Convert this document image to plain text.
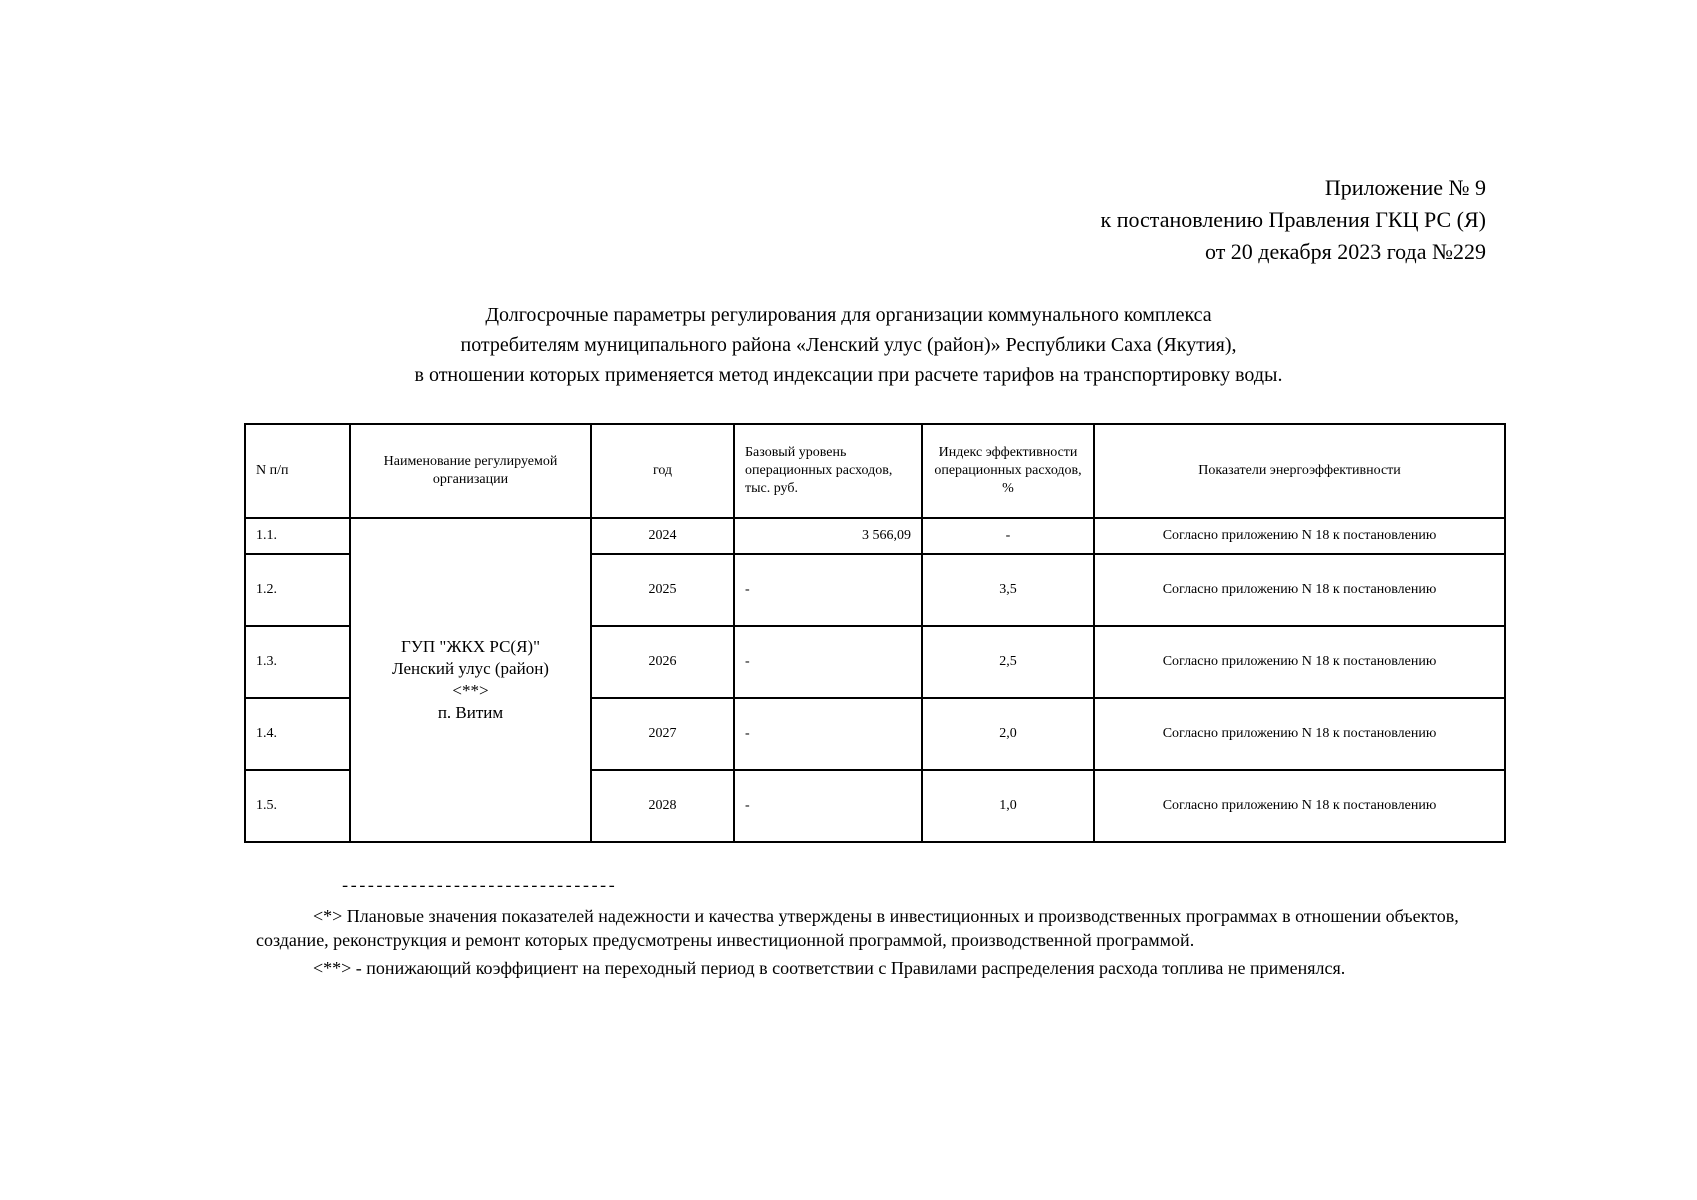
Приложение № 9
к постановлению Правления ГКЦ РС (Я)
от 20 декабря 2023 года №229
Долгосрочные параметры регулирования для организации коммунального комплекса
потребителям муниципального района «Ленский улус (район)» Республики Саха (Якутия),
в отношении которых применяется метод индексации при расчете тарифов на транспортировку воды.
N п/п	Наименование регулируемой организации	год	Базовый уровень операционных расходов, тыс. руб.	Индекс эффективности операционных расходов, %	Показатели энергоэффективности
1.1.	ГУП "ЖКХ РС(Я)"
Ленский улус (район)
<**>
п. Витим	2024	3 566,09	-	Согласно приложению N 18 к постановлению
1.2.		2025	-	3,5	Согласно приложению N 18 к постановлению
1.3.		2026	-	2,5	Согласно приложению N 18 к постановлению
1.4.		2027	-	2,0	Согласно приложению N 18 к постановлению
1.5.		2028	-	1,0	Согласно приложению N 18 к постановлению
--------------------------------

<*> Плановые значения показателей надежности и качества утверждены в инвестиционных и производственных программах в отношении объектов, создание, реконструкция и ремонт которых предусмотрены инвестиционной программой, производственной программой.

<**> - понижающий коэффициент на переходный период в соответствии с Правилами распределения расхода топлива не применялся.
